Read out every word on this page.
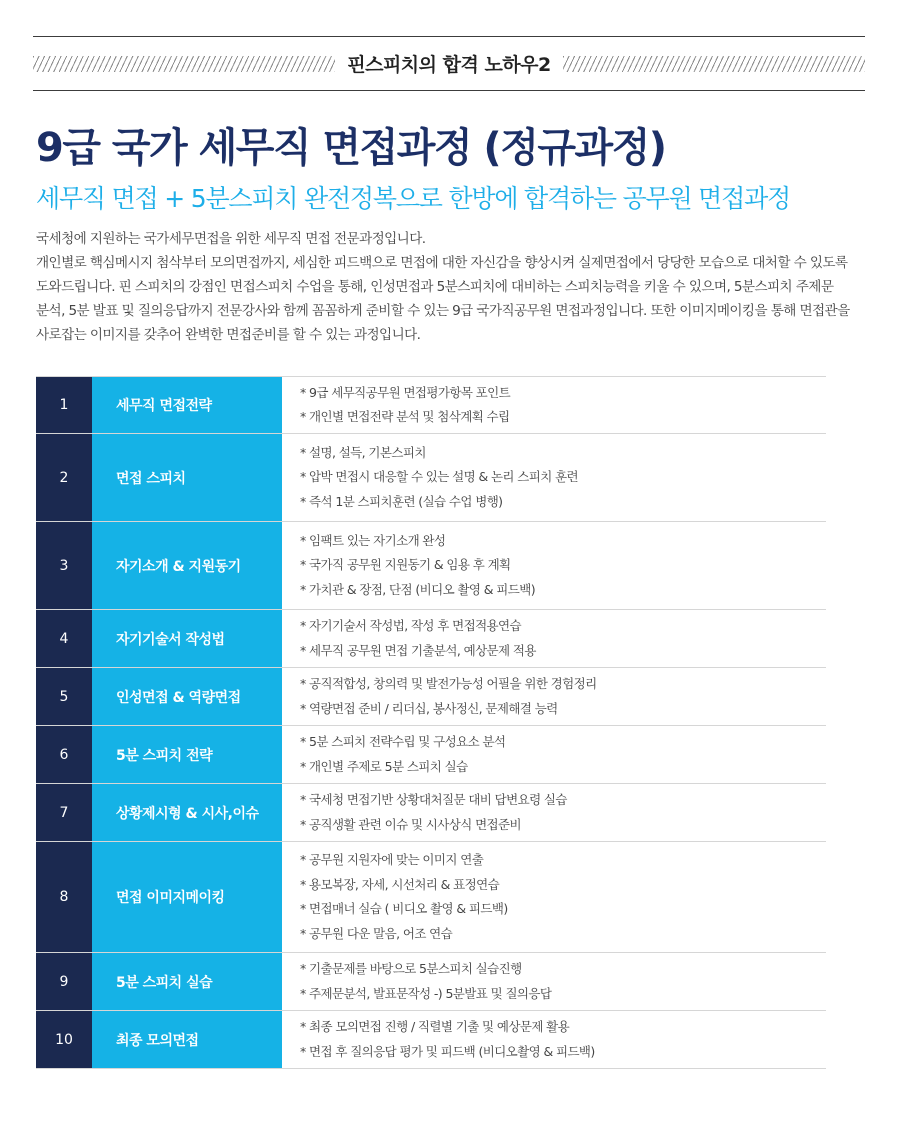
핀스피치의 합격 노하우2
9급 국가 세무직 면접과정 (정규과정)
세무직 면접 + 5분스피치 완전정복으로 한방에 합격하는 공무원 면접과정

국세청에 지원하는 국가세무면접을 위한 세무직 면접 전문과정입니다.

개인별로 핵심메시지 첨삭부터 모의면접까지, 세심한 피드백으로 면접에 대한 자신감을 향상시켜 실제면접에서 당당한 모습으로 대처할 수 있도록

도와드립니다. 핀 스피치의 강점인 면접스피치 수업을 통해, 인성면접과 5분스피치에 대비하는 스피치능력을 키울 수 있으며, 5분스피치 주제문

분석, 5분 발표 및 질의응답까지 전문강사와 함께 꼼꼼하게 준비할 수 있는 9급 국가직공무원 면접과정입니다. 또한 이미지메이킹을 통해 면접관을

사로잡는 이미지를 갖추어 완벽한 면접준비를 할 수 있는 과정입니다.

1	세무직 면접전략
* 9급 세무직공무원 면접평가항목 포인트
* 개인별 면접전략 분석 및 첨삭계획 수립
2	면접 스피치
* 설명, 설득, 기본스피치
* 압박 면접시 대응할 수 있는 설명 & 논리 스피치 훈련
* 즉석 1분 스피치훈련 (실습 수업 병행)
3	자기소개 & 지원동기
* 임팩트 있는 자기소개 완성
* 국가직 공무원 지원동기 & 임용 후 계획
* 가치관 & 장점, 단점 (비디오 촬영 & 피드백)
4	자기기술서 작성법
* 자기기술서 작성법, 작성 후 면접적용연습
* 세무직 공무원 면접 기출분석, 예상문제 적용
5	인성면접 & 역량면접
* 공직적합성, 창의력 및 발전가능성 어필을 위한 경험정리
* 역량면접 준비 / 리더십, 봉사정신, 문제해결 능력
6	5분 스피치 전략
* 5분 스피치 전략수립 및 구성요소 분석
* 개인별 주제로 5분 스피치 실습
7	상황제시형 & 시사,이슈
* 국세청 면접기반 상황대처질문 대비 답변요령 실습
* 공직생활 관련 이슈 및 시사상식 면접준비
8	면접 이미지메이킹
* 공무원 지원자에 맞는 이미지 연출
* 용모복장, 자세, 시선처리 & 표정연습
* 면접매너 실습 ( 비디오 촬영 & 피드백)
* 공무원 다운 말음, 어조 연습
9	5분 스피치 실습
* 기출문제를 바탕으로 5분스피치 실습진행
* 주제문분석, 발표문작성 -) 5분발표 및 질의응답
10	최종 모의면접
* 최종 모의면접 진행 / 직렬별 기출 및 예상문제 활용
* 면접 후 질의응답 평가 및 피드백 (비디오촬영 & 피드백)
